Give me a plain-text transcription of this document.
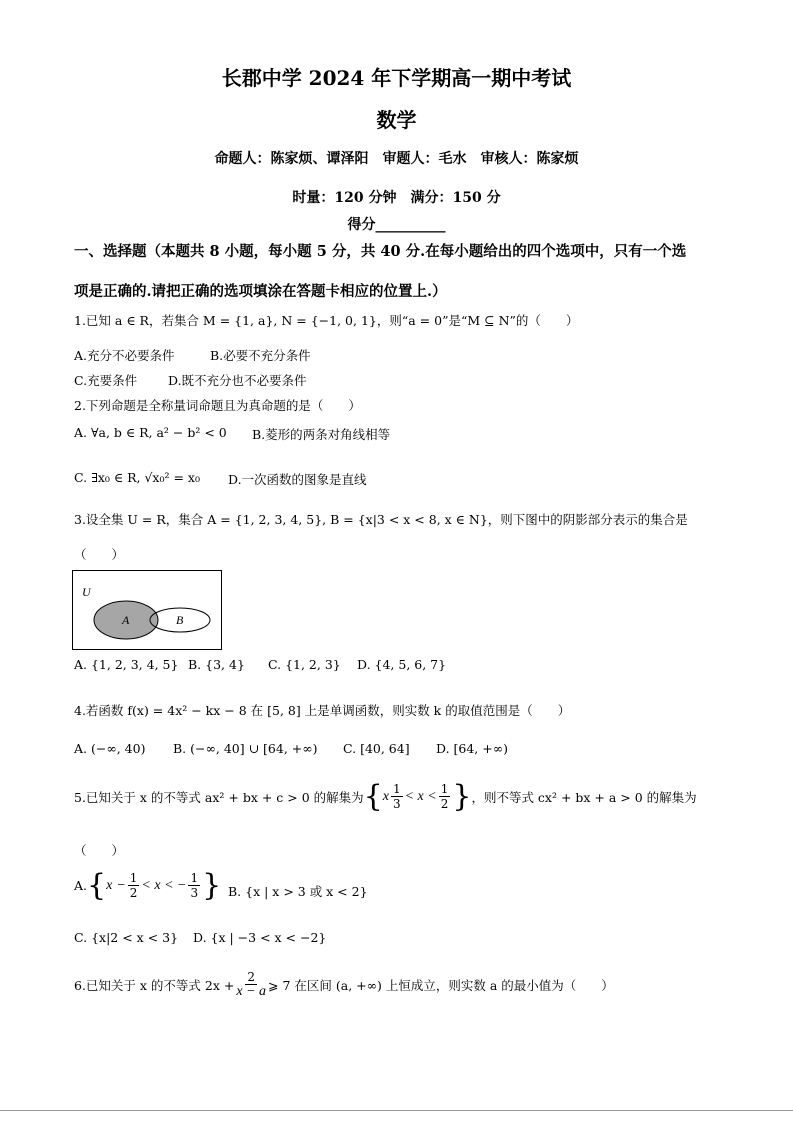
长郡中学 2024 年下学期高一期中考试
数学
命题人：陈家烦、谭泽阳　审题人：毛水　审核人：陈家烦
时量：120 分钟　满分：150 分
得分__________
一、选择题（本题共 8 小题，每小题 5 分，共 40 分.在每小题给出的四个选项中，只有一个选
项是正确的.请把正确的选项填涂在答题卡相应的位置上.）
1.已知 a ∈ R，若集合 M = {1, a}, N = {−1, 0, 1}，则“a = 0”是“M ⊆ N”的（　　）
A.充分不必要条件	B.必要不充分条件
C.充要条件 D.既不充分也不必要条件
2.下列命题是全称量词命题且为真命题的是（　　）
A. ∀a, b ∈ R, a² − b² < 0 B.菱形的两条对角线相等
C. ∃x₀ ∈ R, √x₀² = x₀ D.一次函数的图象是直线
3.设全集 U = R，集合 A = {1, 2, 3, 4, 5}, B = {x|3 < x < 8, x ∈ N}，则下图中的阴影部分表示的集合是
（　　）
U
A	B
A. {1, 2, 3, 4, 5} B. {3, 4} C. {1, 2, 3} D. {4, 5, 6, 7}
4.若函数 f(x) = 4x² − kx − 8 在 [5, 8] 上是单调函数，则实数 k 的取值范围是（　　）
A. (−∞, 40) B. (−∞, 40] ∪ [64, +∞) C. [40, 64] D. [64, +∞)
5.已知关于 x 的不等式 ax² + bx + c > 0 的解集为 { x $\frac{1}{3} < x < \frac{1}{2}$ } ，则不等式 cx² + bx + a > 0 的解集为
（　　）
A. { $x - \frac{1}{2} < x$ < − $\frac{1}{3}$ } B. {x | x > 3 或 x < 2}
C. {x|2 < x < 3} D. {x | −3 < x < −2}
6.已知关于 x 的不等式 $2x + \frac{2}{x - a}$ ⩾ 7 在区间 (a, +∞) 上恒成立，则实数 a 的最小值为（　　）
